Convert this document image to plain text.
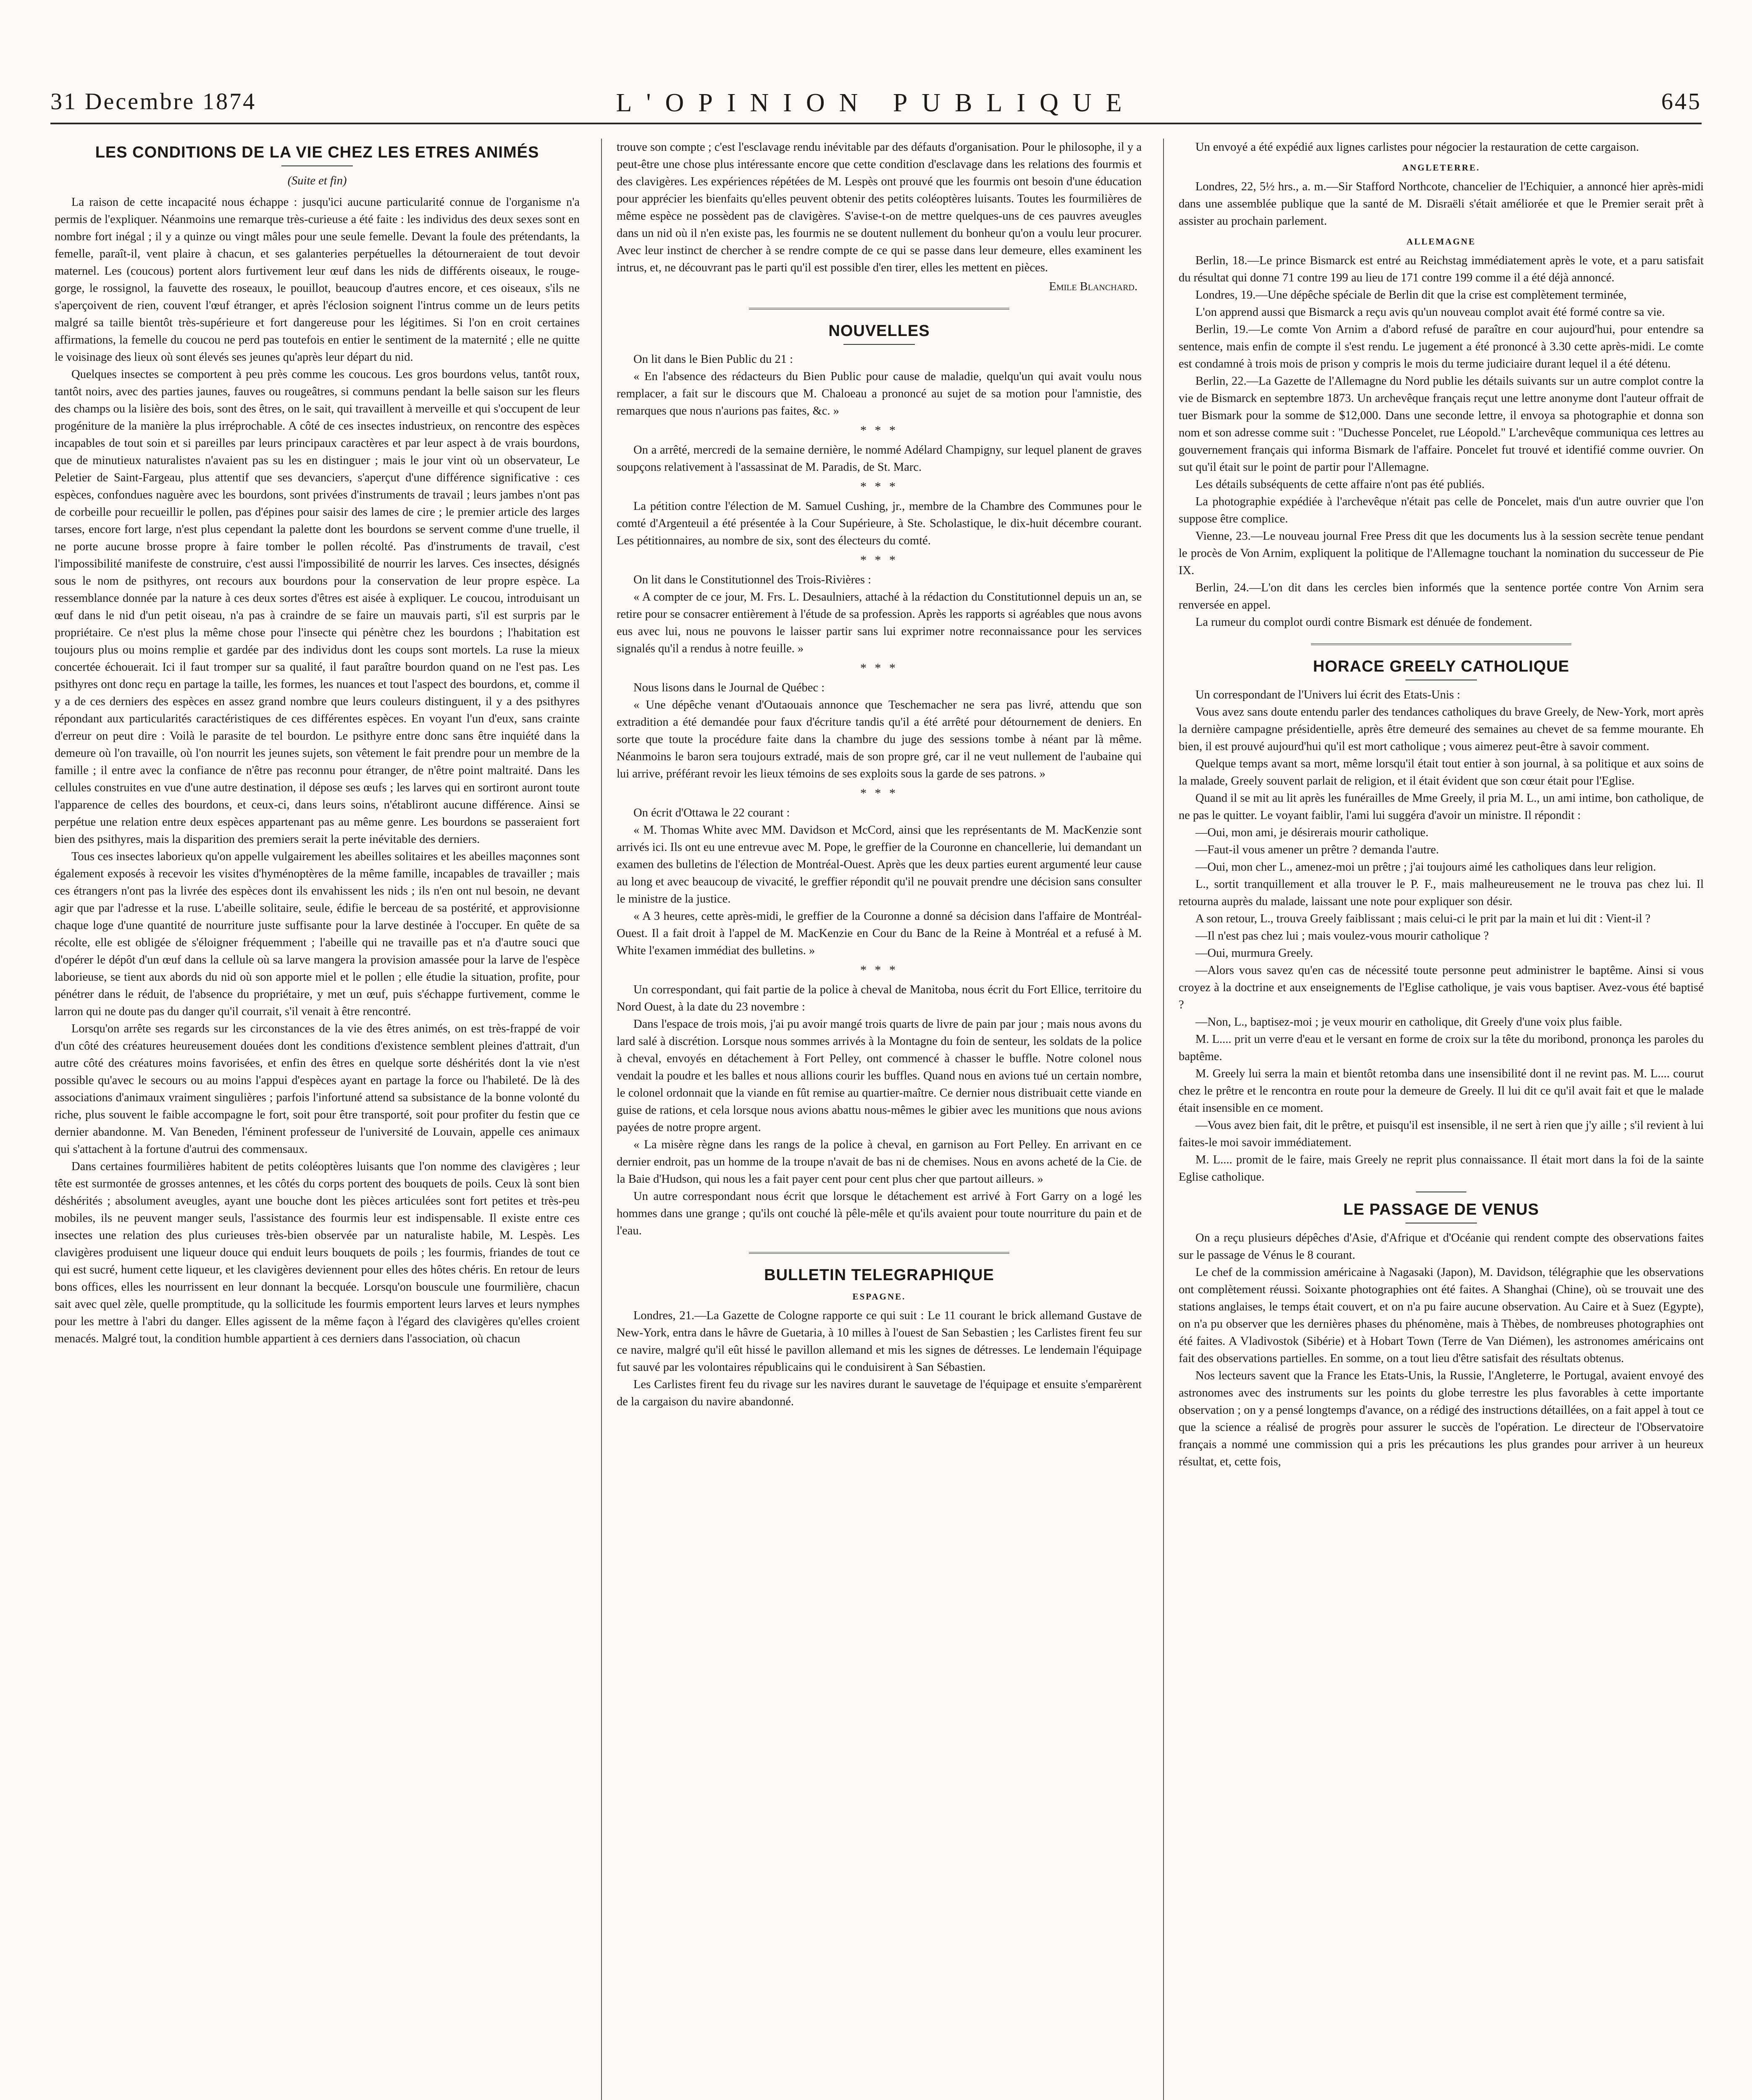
31 Decembre 1874	L'OPINION PUBLIQUE	645
LES CONDITIONS DE LA VIE CHEZ LES ETRES ANIMÉS
(Suite et fin)

La raison de cette incapacité nous échappe : jusqu'ici aucune particularité connue de l'organisme n'a permis de l'expliquer. Néanmoins une remarque très-curieuse a été faite : les individus des deux sexes sont en nombre fort inégal ; il y a quinze ou vingt mâles pour une seule femelle. Devant la foule des prétendants, la femelle, paraît-il, vent plaire à chacun, et ses galanteries perpétuelles la détourneraient de tout devoir maternel. Les (coucous) portent alors furtivement leur œuf dans les nids de différents oiseaux, le rouge-gorge, le rossignol, la fauvette des roseaux, le pouillot, beaucoup d'autres encore, et ces oiseaux, s'ils ne s'aperçoivent de rien, couvent l'œuf étranger, et après l'éclosion soignent l'intrus comme un de leurs petits malgré sa taille bientôt très-supérieure et fort dangereuse pour les légitimes. Si l'on en croit certaines affirmations, la femelle du coucou ne perd pas toutefois en entier le sentiment de la maternité ; elle ne quitte le voisinage des lieux où sont élevés ses jeunes qu'après leur départ du nid.

Quelques insectes se comportent à peu près comme les coucous. Les gros bourdons velus, tantôt roux, tantôt noirs, avec des parties jaunes, fauves ou rougeâtres, si communs pendant la belle saison sur les fleurs des champs ou la lisière des bois, sont des êtres, on le sait, qui travaillent à merveille et qui s'occupent de leur progéniture de la manière la plus irréprochable. A côté de ces insectes industrieux, on rencontre des espèces incapables de tout soin et si pareilles par leurs principaux caractères et par leur aspect à de vrais bourdons, que de minutieux naturalistes n'avaient pas su les en distinguer ; mais le jour vint où un observateur, Le Peletier de Saint-Fargeau, plus attentif que ses devanciers, s'aperçut d'une différence significative : ces espèces, confondues naguère avec les bourdons, sont privées d'instruments de travail ; leurs jambes n'ont pas de corbeille pour recueillir le pollen, pas d'épines pour saisir des lames de cire ; le premier article des larges tarses, encore fort large, n'est plus cependant la palette dont les bourdons se servent comme d'une truelle, il ne porte aucune brosse propre à faire tomber le pollen récolté. Pas d'instruments de travail, c'est l'impossibilité manifeste de construire, c'est aussi l'impossibilité de nourrir les larves. Ces insectes, désignés sous le nom de psithyres, ont recours aux bourdons pour la conservation de leur propre espèce. La ressemblance donnée par la nature à ces deux sortes d'êtres est aisée à expliquer. Le coucou, introduisant un œuf dans le nid d'un petit oiseau, n'a pas à craindre de se faire un mauvais parti, s'il est surpris par le propriétaire. Ce n'est plus la même chose pour l'insecte qui pénètre chez les bourdons ; l'habitation est toujours plus ou moins remplie et gardée par des individus dont les coups sont mortels. La ruse la mieux concertée échouerait. Ici il faut tromper sur sa qualité, il faut paraître bourdon quand on ne l'est pas. Les psithyres ont donc reçu en partage la taille, les formes, les nuances et tout l'aspect des bourdons, et, comme il y a de ces derniers des espèces en assez grand nombre que leurs couleurs distinguent, il y a des psithyres répondant aux particularités caractéristiques de ces différentes espèces. En voyant l'un d'eux, sans crainte d'erreur on peut dire : Voilà le parasite de tel bourdon. Le psithyre entre donc sans être inquiété dans la demeure où l'on travaille, où l'on nourrit les jeunes sujets, son vêtement le fait prendre pour un membre de la famille ; il entre avec la confiance de n'être pas reconnu pour étranger, de n'être point maltraité. Dans les cellules construites en vue d'une autre destination, il dépose ses œufs ; les larves qui en sortiront auront toute l'apparence de celles des bourdons, et ceux-ci, dans leurs soins, n'établiront aucune différence. Ainsi se perpétue une relation entre deux espèces appartenant pas au même genre. Les bourdons se passeraient fort bien des psithyres, mais la disparition des premiers serait la perte inévitable des derniers.

Tous ces insectes laborieux qu'on appelle vulgairement les abeilles solitaires et les abeilles maçonnes sont également exposés à recevoir les visites d'hyménoptères de la même famille, incapables de travailler ; mais ces étrangers n'ont pas la livrée des espèces dont ils envahissent les nids ; ils n'en ont nul besoin, ne devant agir que par l'adresse et la ruse. L'abeille solitaire, seule, édifie le berceau de sa postérité, et approvisionne chaque loge d'une quantité de nourriture juste suffisante pour la larve destinée à l'occuper. En quête de sa récolte, elle est obligée de s'éloigner fréquemment ; l'abeille qui ne travaille pas et n'a d'autre souci que d'opérer le dépôt d'un œuf dans la cellule où sa larve mangera la provision amassée pour la larve de l'espèce laborieuse, se tient aux abords du nid où son apporte miel et le pollen ; elle étudie la situation, profite, pour pénétrer dans le réduit, de l'absence du propriétaire, y met un œuf, puis s'échappe furtivement, comme le larron qui ne doute pas du danger qu'il courrait, s'il venait à être rencontré.

Lorsqu'on arrête ses regards sur les circonstances de la vie des êtres animés, on est très-frappé de voir d'un côté des créatures heureusement douées dont les conditions d'existence semblent pleines d'attrait, d'un autre côté des créatures moins favorisées, et enfin des êtres en quelque sorte déshérités dont la vie n'est possible qu'avec le secours ou au moins l'appui d'espèces ayant en partage la force ou l'habileté. De là des associations d'animaux vraiment singulières ; parfois l'infortuné attend sa subsistance de la bonne volonté du riche, plus souvent le faible accompagne le fort, soit pour être transporté, soit pour profiter du festin que ce dernier abandonne. M. Van Beneden, l'éminent professeur de l'université de Louvain, appelle ces animaux qui s'attachent à la fortune d'autrui des commensaux.

Dans certaines fourmilières habitent de petits coléoptères luisants que l'on nomme des clavigères ; leur tête est surmontée de grosses antennes, et les côtés du corps portent des bouquets de poils. Ceux là sont bien déshérités ; absolument aveugles, ayant une bouche dont les pièces articulées sont fort petites et très-peu mobiles, ils ne peuvent manger seuls, l'assistance des fourmis leur est indispensable. Il existe entre ces insectes une relation des plus curieuses très-bien observée par un naturaliste habile, M. Lespès. Les clavigères produisent une liqueur douce qui enduit leurs bouquets de poils ; les fourmis, friandes de tout ce qui est sucré, hument cette liqueur, et les clavigères deviennent pour elles des hôtes chéris. En retour de leurs bons offices, elles les nourrissent en leur donnant la becquée. Lorsqu'on bouscule une fourmilière, chacun sait avec quel zèle, quelle promptitude, qu la sollicitude les fourmis emportent leurs larves et leurs nymphes pour les mettre à l'abri du danger. Elles agissent de la même façon à l'égard des clavigères qu'elles croient menacés. Malgré tout, la condition humble appartient à ces derniers dans l'association, où chacun

trouve son compte ; c'est l'esclavage rendu inévitable par des défauts d'organisation. Pour le philosophe, il y a peut-être une chose plus intéressante encore que cette condition d'esclavage dans les relations des fourmis et des clavigères. Les expériences répétées de M. Lespès ont prouvé que les fourmis ont besoin d'une éducation pour apprécier les bienfaits qu'elles peuvent obtenir des petits coléoptères luisants. Toutes les fourmilières de même espèce ne possèdent pas de clavigères. S'avise-t-on de mettre quelques-uns de ces pauvres aveugles dans un nid où il n'en existe pas, les fourmis ne se doutent nullement du bonheur qu'on a voulu leur procurer. Avec leur instinct de chercher à se rendre compte de ce qui se passe dans leur demeure, elles examinent les intrus, et, ne découvrant pas le parti qu'il est possible d'en tirer, elles les mettent en pièces.

Emile Blanchard.
NOUVELLES

On lit dans le Bien Public du 21 :

« En l'absence des rédacteurs du Bien Public pour cause de maladie, quelqu'un qui avait voulu nous remplacer, a fait sur le discours que M. Chaloeau a prononcé au sujet de sa motion pour l'amnistie, des remarques que nous n'aurions pas faites, &c. »

* * *

On a arrêté, mercredi de la semaine dernière, le nommé Adélard Champigny, sur lequel planent de graves soupçons relativement à l'assassinat de M. Paradis, de St. Marc.

* * *

La pétition contre l'élection de M. Samuel Cushing, jr., membre de la Chambre des Communes pour le comté d'Argenteuil a été présentée à la Cour Supérieure, à Ste. Scholastique, le dix-huit décembre courant. Les pétitionnaires, au nombre de six, sont des électeurs du comté.

* * *

On lit dans le Constitutionnel des Trois-Rivières :

« A compter de ce jour, M. Frs. L. Desaulniers, attaché à la rédaction du Constitutionnel depuis un an, se retire pour se consacrer entièrement à l'étude de sa profession. Après les rapports si agréables que nous avons eus avec lui, nous ne pouvons le laisser partir sans lui exprimer notre reconnaissance pour les services signalés qu'il a rendus à notre feuille. »

* * *

Nous lisons dans le Journal de Québec :

« Une dépêche venant d'Outaouais annonce que Teschemacher ne sera pas livré, attendu que son extradition a été demandée pour faux d'écriture tandis qu'il a été arrêté pour détournement de deniers. En sorte que toute la procédure faite dans la chambre du juge des sessions tombe à néant par là même. Néanmoins le baron sera toujours extradé, mais de son propre gré, car il ne veut nullement de l'aubaine qui lui arrive, préférant revoir les lieux témoins de ses exploits sous la garde de ses patrons. »

* * *

On écrit d'Ottawa le 22 courant :

« M. Thomas White avec MM. Davidson et McCord, ainsi que les représentants de M. MacKenzie sont arrivés ici. Ils ont eu une entrevue avec M. Pope, le greffier de la Couronne en chancellerie, lui demandant un examen des bulletins de l'élection de Montréal-Ouest. Après que les deux parties eurent argumenté leur cause au long et avec beaucoup de vivacité, le greffier répondit qu'il ne pouvait prendre une décision sans consulter le ministre de la justice.

« A 3 heures, cette après-midi, le greffier de la Couronne a donné sa décision dans l'affaire de Montréal-Ouest. Il a fait droit à l'appel de M. MacKenzie en Cour du Banc de la Reine à Montréal et a refusé à M. White l'examen immédiat des bulletins. »

* * *

Un correspondant, qui fait partie de la police à cheval de Manitoba, nous écrit du Fort Ellice, territoire du Nord Ouest, à la date du 23 novembre :

Dans l'espace de trois mois, j'ai pu avoir mangé trois quarts de livre de pain par jour ; mais nous avons du lard salé à discrétion. Lorsque nous sommes arrivés à la Montagne du foin de senteur, les soldats de la police à cheval, envoyés en détachement à Fort Pelley, ont commencé à chasser le buffle. Notre colonel nous vendait la poudre et les balles et nous allions courir les buffles. Quand nous en avions tué un certain nombre, le colonel ordonnait que la viande en fût remise au quartier-maître. Ce dernier nous distribuait cette viande en guise de rations, et cela lorsque nous avions abattu nous-mêmes le gibier avec les munitions que nous avions payées de notre propre argent.

« La misère règne dans les rangs de la police à cheval, en garnison au Fort Pelley. En arrivant en ce dernier endroit, pas un homme de la troupe n'avait de bas ni de chemises. Nous en avons acheté de la Cie. de la Baie d'Hudson, qui nous les a fait payer cent pour cent plus cher que partout ailleurs. »

Un autre correspondant nous écrit que lorsque le détachement est arrivé à Fort Garry on a logé les hommes dans une grange ; qu'ils ont couché là pêle-mêle et qu'ils avaient pour toute nourriture du pain et de l'eau.

BULLETIN TELEGRAPHIQUE
ESPAGNE.

Londres, 21.—La Gazette de Cologne rapporte ce qui suit : Le 11 courant le brick allemand Gustave de New-York, entra dans le hâvre de Guetaria, à 10 milles à l'ouest de San Sebastien ; les Carlistes firent feu sur ce navire, malgré qu'il eût hissé le pavillon allemand et mis les signes de détresses. Le lendemain l'équipage fut sauvé par les volontaires républicains qui le conduisirent à San Sébastien.

Les Carlistes firent feu du rivage sur les navires durant le sauvetage de l'équipage et ensuite s'emparèrent de la cargaison du navire abandonné.

Un envoyé a été expédié aux lignes carlistes pour négocier la restauration de cette cargaison.

ANGLETERRE.

Londres, 22, 5½ hrs., a. m.—Sir Stafford Northcote, chancelier de l'Echiquier, a annoncé hier après-midi dans une assemblée publique que la santé de M. Disraëli s'était améliorée et que le Premier serait prêt à assister au prochain parlement.

ALLEMAGNE

Berlin, 18.—Le prince Bismarck est entré au Reichstag immédiatement après le vote, et a paru satisfait du résultat qui donne 71 contre 199 au lieu de 171 contre 199 comme il a été déjà annoncé.

Londres, 19.—Une dépêche spéciale de Berlin dit que la crise est complètement terminée,

L'on apprend aussi que Bismarck a reçu avis qu'un nouveau complot avait été formé contre sa vie.

Berlin, 19.—Le comte Von Arnim a d'abord refusé de paraître en cour aujourd'hui, pour entendre sa sentence, mais enfin de compte il s'est rendu. Le jugement a été prononcé à 3.30 cette après-midi. Le comte est condamné à trois mois de prison y compris le mois du terme judiciaire durant lequel il a été détenu.

Berlin, 22.—La Gazette de l'Allemagne du Nord publie les détails suivants sur un autre complot contre la vie de Bismarck en septembre 1873. Un archevêque français reçut une lettre anonyme dont l'auteur offrait de tuer Bismark pour la somme de $12,000. Dans une seconde lettre, il envoya sa photographie et donna son nom et son adresse comme suit : "Duchesse Poncelet, rue Léopold." L'archevêque communiqua ces lettres au gouvernement français qui informa Bismark de l'affaire. Poncelet fut trouvé et identifié comme ouvrier. On sut qu'il était sur le point de partir pour l'Allemagne.

Les détails subséquents de cette affaire n'ont pas été publiés.

La photographie expédiée à l'archevêque n'était pas celle de Poncelet, mais d'un autre ouvrier que l'on suppose être complice.

Vienne, 23.—Le nouveau journal Free Press dit que les documents lus à la session secrète tenue pendant le procès de Von Arnim, expliquent la politique de l'Allemagne touchant la nomination du successeur de Pie IX.

Berlin, 24.—L'on dit dans les cercles bien informés que la sentence portée contre Von Arnim sera renversée en appel.

La rumeur du complot ourdi contre Bismark est dénuée de fondement.

HORACE GREELY CATHOLIQUE

Un correspondant de l'Univers lui écrit des Etats-Unis :

Vous avez sans doute entendu parler des tendances catholiques du brave Greely, de New-York, mort après la dernière campagne présidentielle, après être demeuré des semaines au chevet de sa femme mourante. Eh bien, il est prouvé aujourd'hui qu'il est mort catholique ; vous aimerez peut-être à savoir comment.

Quelque temps avant sa mort, même lorsqu'il était tout entier à son journal, à sa politique et aux soins de la malade, Greely souvent parlait de religion, et il était évident que son cœur était pour l'Eglise.

Quand il se mit au lit après les funérailles de Mme Greely, il pria M. L., un ami intime, bon catholique, de ne pas le quitter. Le voyant faiblir, l'ami lui suggéra d'avoir un ministre. Il répondit :

—Oui, mon ami, je désirerais mourir catholique.

—Faut-il vous amener un prêtre ? demanda l'autre.

—Oui, mon cher L., amenez-moi un prêtre ; j'ai toujours aimé les catholiques dans leur religion.

L., sortit tranquillement et alla trouver le P. F., mais malheureusement ne le trouva pas chez lui. Il retourna auprès du malade, laissant une note pour expliquer son désir.

A son retour, L., trouva Greely faiblissant ; mais celui-ci le prit par la main et lui dit : Vient-il ?

—Il n'est pas chez lui ; mais voulez-vous mourir catholique ?

—Oui, murmura Greely.

—Alors vous savez qu'en cas de nécessité toute personne peut administrer le baptême. Ainsi si vous croyez à la doctrine et aux enseignements de l'Eglise catholique, je vais vous baptiser. Avez-vous été baptisé ?

—Non, L., baptisez-moi ; je veux mourir en catholique, dit Greely d'une voix plus faible.

M. L.... prit un verre d'eau et le versant en forme de croix sur la tête du moribond, prononça les paroles du baptême.

M. Greely lui serra la main et bientôt retomba dans une insensibilité dont il ne revint pas. M. L.... courut chez le prêtre et le rencontra en route pour la demeure de Greely. Il lui dit ce qu'il avait fait et que le malade était insensible en ce moment.

—Vous avez bien fait, dit le prêtre, et puisqu'il est insensible, il ne sert à rien que j'y aille ; s'il revient à lui faites-le moi savoir immédiatement.

M. L.... promit de le faire, mais Greely ne reprit plus connaissance. Il était mort dans la foi de la sainte Eglise catholique.

LE PASSAGE DE VENUS

On a reçu plusieurs dépêches d'Asie, d'Afrique et d'Océanie qui rendent compte des observations faites sur le passage de Vénus le 8 courant.

Le chef de la commission américaine à Nagasaki (Japon), M. Davidson, télégraphie que les observations ont complètement réussi. Soixante photographies ont été faites. A Shanghai (Chine), où se trouvait une des stations anglaises, le temps était couvert, et on n'a pu faire aucune observation. Au Caire et à Suez (Egypte), on n'a pu observer que les dernières phases du phénomène, mais à Thèbes, de nombreuses photographies ont été faites. A Vladivostok (Sibérie) et à Hobart Town (Terre de Van Diémen), les astronomes américains ont fait des observations partielles. En somme, on a tout lieu d'être satisfait des résultats obtenus.

Nos lecteurs savent que la France les Etats-Unis, la Russie, l'Angleterre, le Portugal, avaient envoyé des astronomes avec des instruments sur les points du globe terrestre les plus favorables à cette importante observation ; on y a pensé longtemps d'avance, on a rédigé des instructions détaillées, on a fait appel à tout ce que la science a réalisé de progrès pour assurer le succès de l'opération. Le directeur de l'Observatoire français a nommé une commission qui a pris les précautions les plus grandes pour arriver à un heureux résultat, et, cette fois,
